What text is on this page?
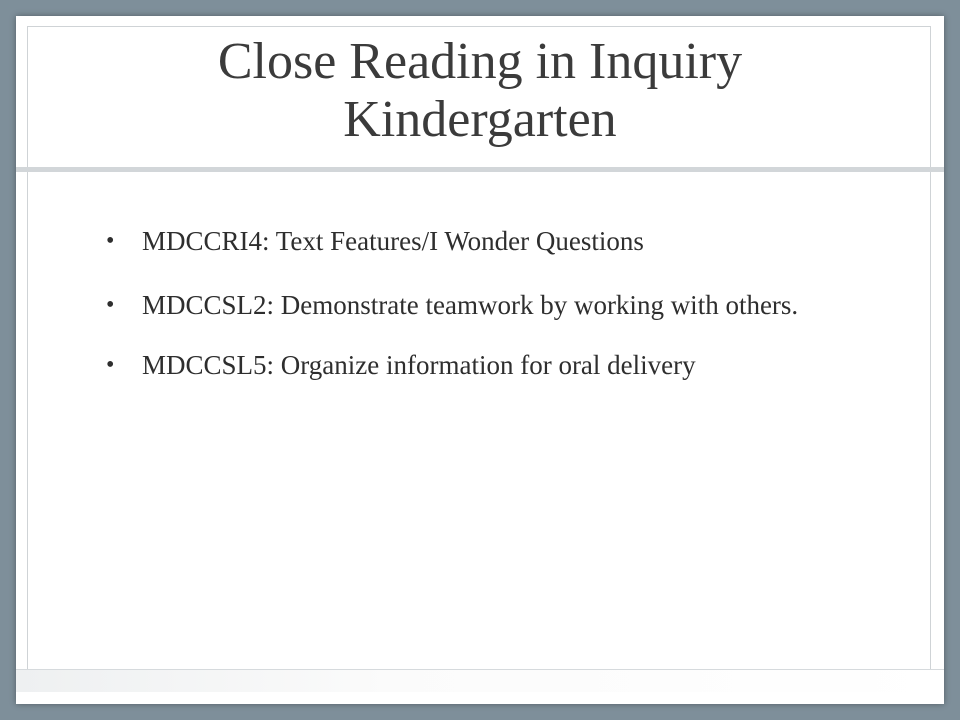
Close Reading in Inquiry Kindergarten
• MDCCRI4: Text Features/I Wonder Questions
• MDCCSL2: Demonstrate teamwork by working with others.
• MDCCSL5: Organize information for oral delivery
